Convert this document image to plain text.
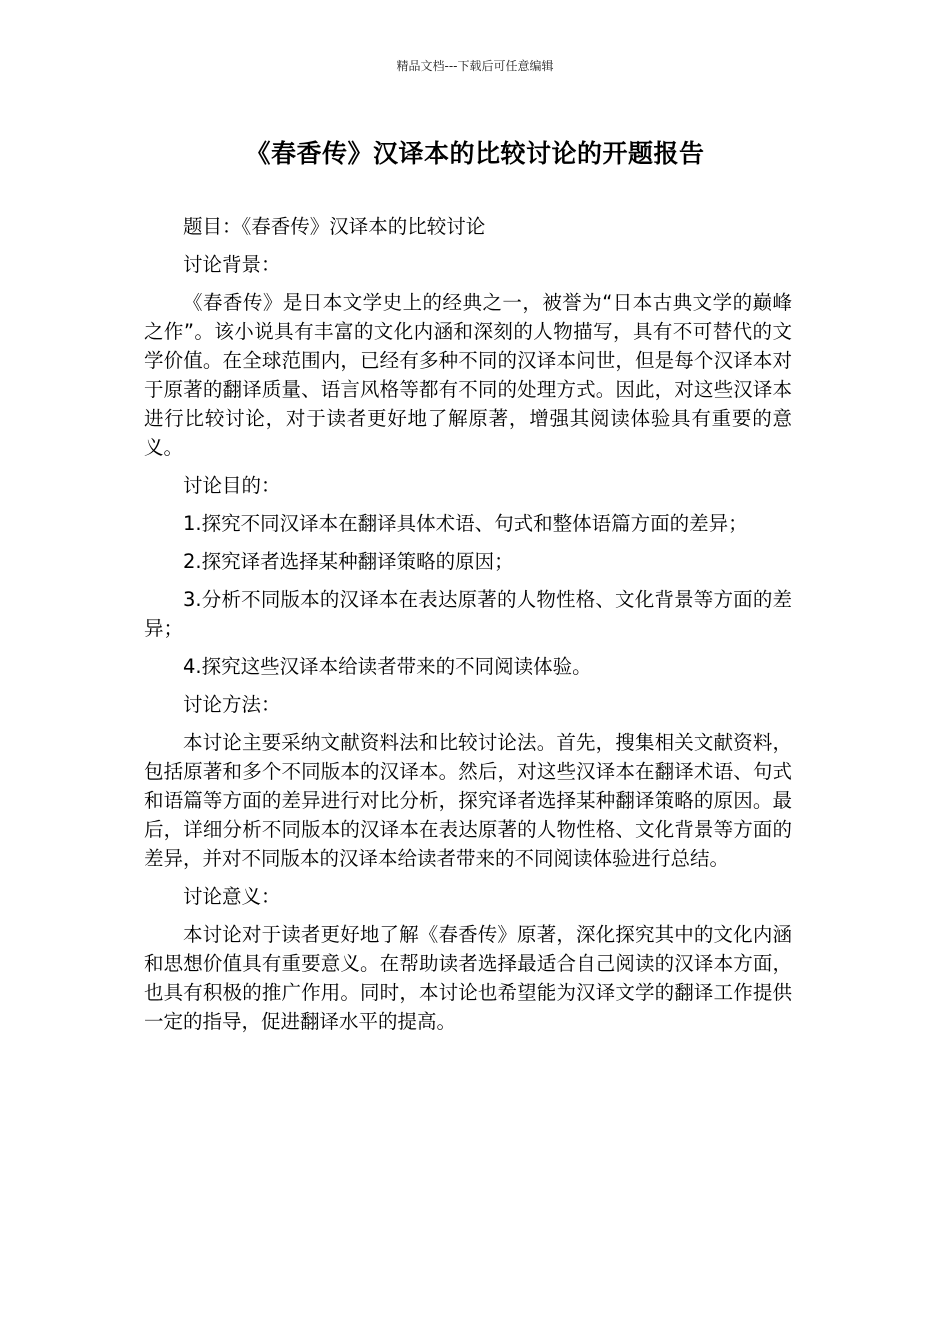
精品文档---下载后可任意编辑
《春香传》汉译本的比较讨论的开题报告

题目：《春香传》汉译本的比较讨论

讨论背景：

《春香传》是日本文学史上的经典之一，被誉为“日本古典文学的巅峰之作”。该小说具有丰富的文化内涵和深刻的人物描写，具有不可替代的文学价值。在全球范围内，已经有多种不同的汉译本问世，但是每个汉译本对于原著的翻译质量、语言风格等都有不同的处理方式。因此，对这些汉译本进行比较讨论，对于读者更好地了解原著，增强其阅读体验具有重要的意义。

讨论目的：

1.探究不同汉译本在翻译具体术语、句式和整体语篇方面的差异；

2.探究译者选择某种翻译策略的原因；

3.分析不同版本的汉译本在表达原著的人物性格、文化背景等方面的差异；

4.探究这些汉译本给读者带来的不同阅读体验。

讨论方法：

本讨论主要采纳文献资料法和比较讨论法。首先，搜集相关文献资料，包括原著和多个不同版本的汉译本。然后，对这些汉译本在翻译术语、句式和语篇等方面的差异进行对比分析，探究译者选择某种翻译策略的原因。最后，详细分析不同版本的汉译本在表达原著的人物性格、文化背景等方面的差异，并对不同版本的汉译本给读者带来的不同阅读体验进行总结。

讨论意义：

本讨论对于读者更好地了解《春香传》原著，深化探究其中的文化内涵和思想价值具有重要意义。在帮助读者选择最适合自己阅读的汉译本方面，也具有积极的推广作用。同时，本讨论也希望能为汉译文学的翻译工作提供一定的指导，促进翻译水平的提高。
